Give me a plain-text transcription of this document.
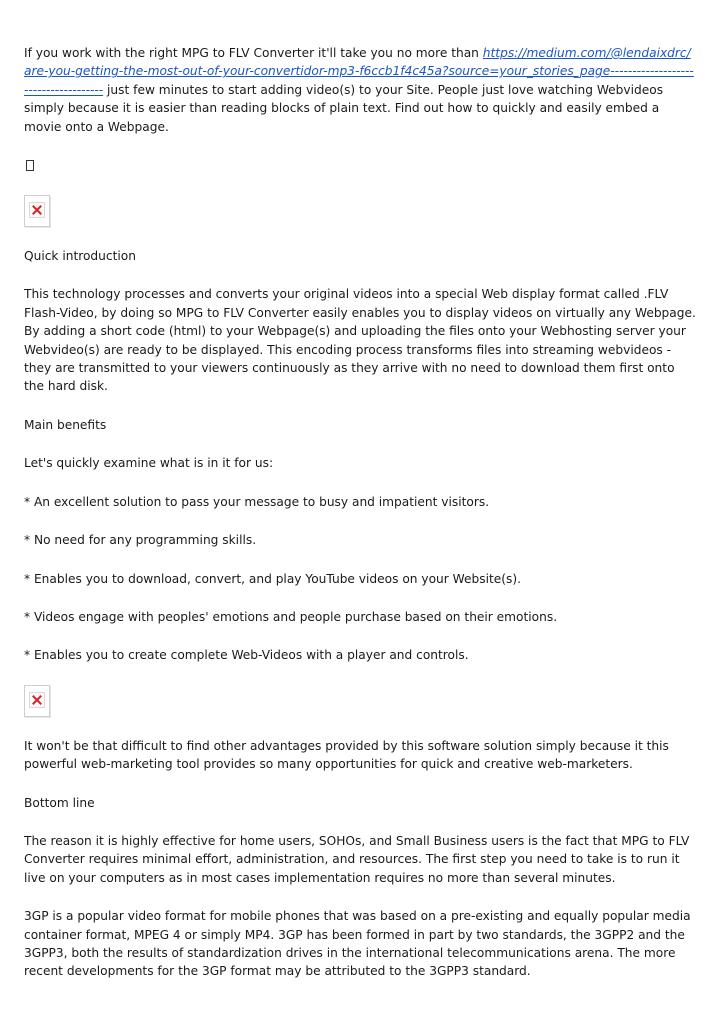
If you work with the right MPG to FLV Converter it'll take you no more than https://medium.com/@lendaixdrc/are-you-getting-the-most-out-of-your-convertidor-mp3-f6ccb1f4c45a?source=your_stories_page------------------------------------- just few minutes to start adding video(s) to your Site. People just love watching Webvideos simply because it is easier than reading blocks of plain text. Find out how to quickly and easily embed a movie onto a Webpage.

Quick introduction

This technology processes and converts your original videos into a special Web display format called .FLV Flash-Video, by doing so MPG to FLV Converter easily enables you to display videos on virtually any Webpage. By adding a short code (html) to your Webpage(s) and uploading the files onto your Webhosting server your Webvideo(s) are ready to be displayed. This encoding process transforms files into streaming webvideos - they are transmitted to your viewers continuously as they arrive with no need to download them first onto the hard disk.

Main benefits

Let's quickly examine what is in it for us:

* An excellent solution to pass your message to busy and impatient visitors.

* No need for any programming skills.

* Enables you to download, convert, and play YouTube videos on your Website(s).

* Videos engage with peoples' emotions and people purchase based on their emotions.

* Enables you to create complete Web-Videos with a player and controls.

It won't be that difficult to find other advantages provided by this software solution simply because it this powerful web-marketing tool provides so many opportunities for quick and creative web-marketers.

Bottom line

The reason it is highly effective for home users, SOHOs, and Small Business users is the fact that MPG to FLV Converter requires minimal effort, administration, and resources. The first step you need to take is to run it live on your computers as in most cases implementation requires no more than several minutes.

3GP is a popular video format for mobile phones that was based on a pre-existing and equally popular media container format, MPEG 4 or simply MP4. 3GP has been formed in part by two standards, the 3GPP2 and the 3GPP3, both the results of standardization drives in the international telecommunications arena. The more recent developments for the 3GP format may be attributed to the 3GPP3 standard.
